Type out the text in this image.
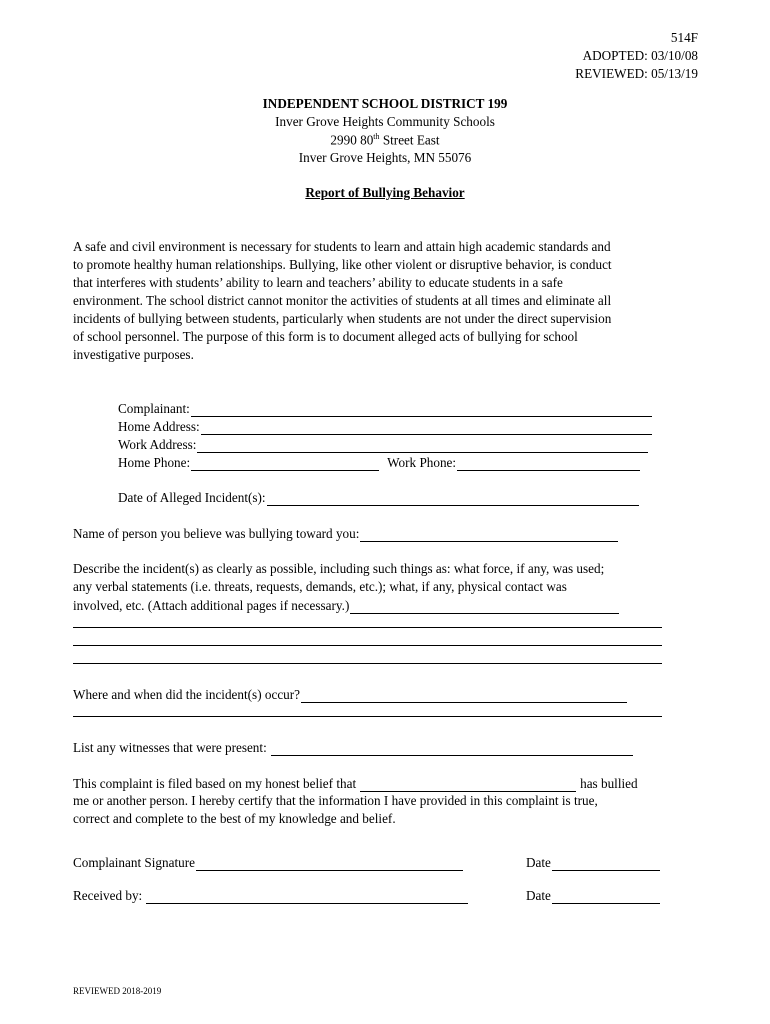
514F
ADOPTED: 03/10/08
REVIEWED: 05/13/19
INDEPENDENT SCHOOL DISTRICT 199
Inver Grove Heights Community Schools
2990 80th Street East
Inver Grove Heights, MN 55076
Report of Bullying Behavior
A safe and civil environment is necessary for students to learn and attain high academic standards and
to promote healthy human relationships. Bullying, like other violent or disruptive behavior, is conduct
that interferes with students’ ability to learn and teachers’ ability to educate students in a safe
environment. The school district cannot monitor the activities of students at all times and eliminate all
incidents of bullying between students, particularly when students are not under the direct supervision
of school personnel. The purpose of this form is to document alleged acts of bullying for school
investigative purposes.
Complainant:
Home Address:
Work Address:
Home Phone:	Work Phone:
Date of Alleged Incident(s):
Name of person you believe was bullying toward you:
Describe the incident(s) as clearly as possible, including such things as: what force, if any, was used;
any verbal statements (i.e. threats, requests, demands, etc.); what, if any, physical contact was
involved, etc. (Attach additional pages if necessary.)
Where and when did the incident(s) occur?
List any witnesses that were present:
This complaint is filed based on my honest belief that	has bullied
me or another person. I hereby certify that the information I have provided in this complaint is true,
correct and complete to the best of my knowledge and belief.
Complainant Signature	Date
Received by:	Date
REVIEWED 2018-2019
